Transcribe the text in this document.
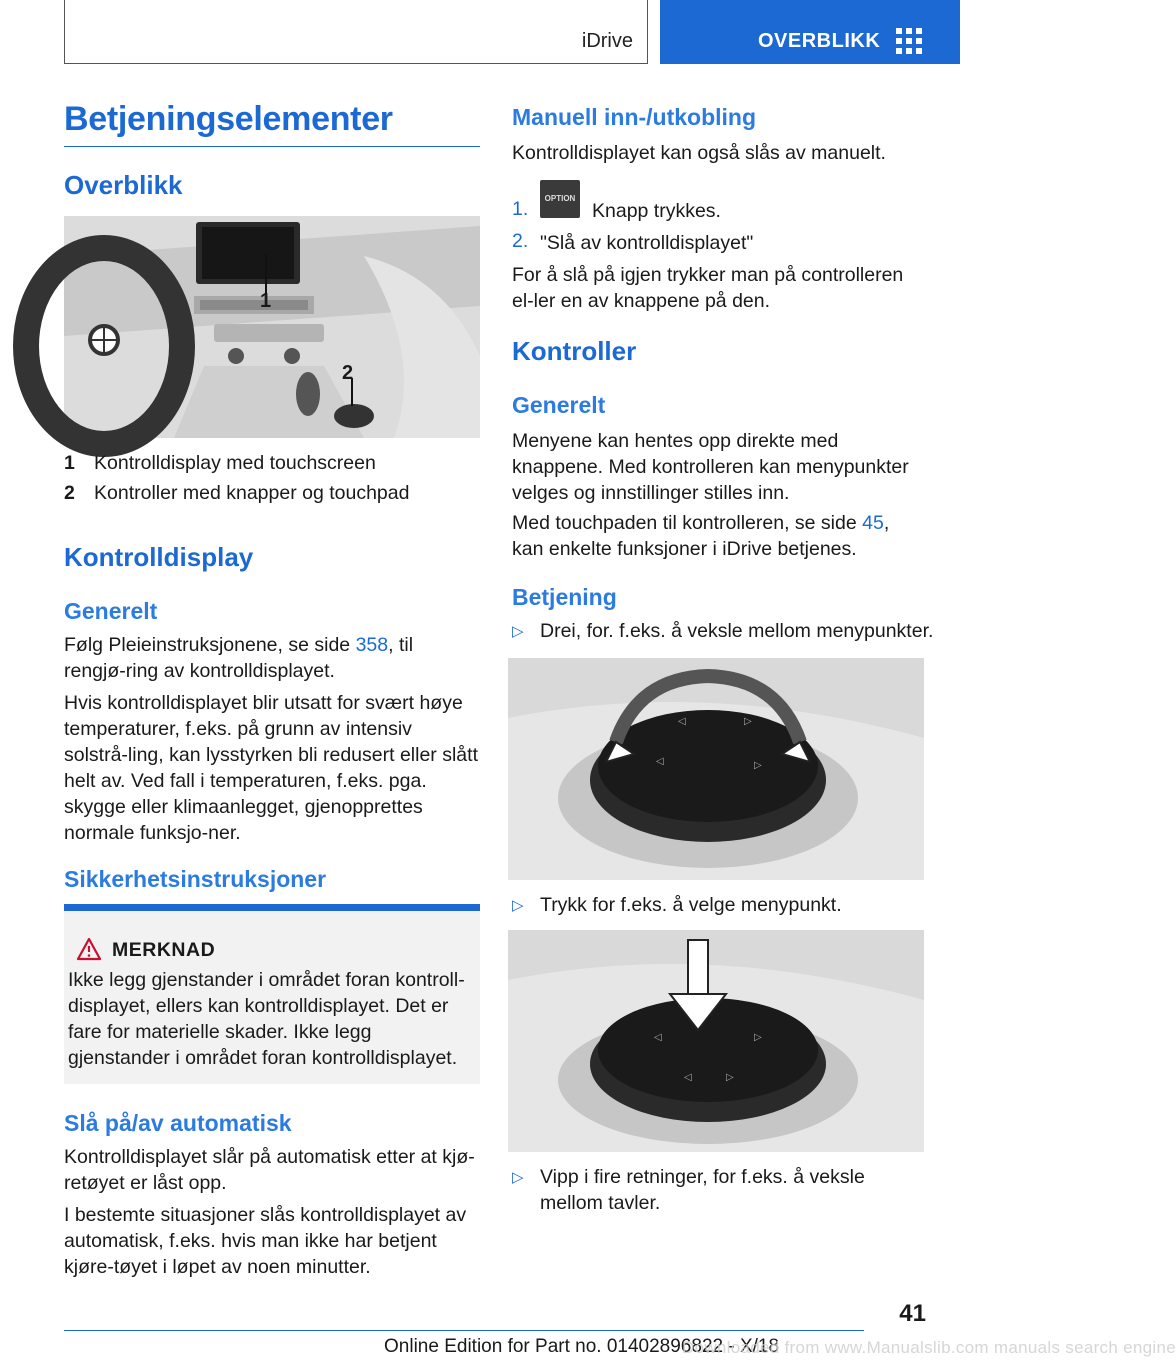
iDrive	OVERBLIKK
Betjeningselementer
Overblikk
1
2
1 Kontrolldisplay med touchscreen
2 Kontroller med knapper og touchpad
Kontrolldisplay
Generelt
Følg Pleieinstruksjonene, se side 358, til rengjø-ring av kontrolldisplayet.
Hvis kontrolldisplayet blir utsatt for svært høye temperaturer, f.eks. på grunn av intensiv solstrå-ling, kan lysstyrken bli redusert eller slått helt av. Ved fall i temperaturen, f.eks. pga. skygge eller klimaanlegget, gjenopprettes normale funksjo-ner.
Sikkerhetsinstruksjoner
MERKNAD
Ikke legg gjenstander i området foran kontroll-displayet, ellers kan kontrolldisplayet. Det er fare for materielle skader. Ikke legg gjenstander i området foran kontrolldisplayet.
Slå på/av automatisk
Kontrolldisplayet slår på automatisk etter at kjø-retøyet er låst opp.
I bestemte situasjoner slås kontrolldisplayet av automatisk, f.eks. hvis man ikke har betjent kjøre-tøyet i løpet av noen minutter.
Manuell inn-/utkobling
Kontrolldisplayet kan også slås av manuelt.
1.	OPTION
Knapp trykkes.
2. "Slå av kontrolldisplayet"
For å slå på igjen trykker man på controlleren el-ler en av knappene på den.
Kontroller
Generelt
Menyene kan hentes opp direkte med knappene. Med kontrolleren kan menypunkter velges og innstillinger stilles inn.
Med touchpaden til kontrolleren, se side 45,
kan enkelte funksjoner i iDrive betjenes.
Betjening
▷ Drei, for. f.eks. å veksle mellom menypunkter.
◁	▷
◁	▷
▷ Trykk for f.eks. å velge menypunkt.
◁	▷
◁	▷
▷ Vipp i fire retninger, for f.eks. å veksle mellom tavler.
41
Online Edition for Part no. 01402896822 - X/18
Downloaded from www.Manualslib.com manuals search engine
